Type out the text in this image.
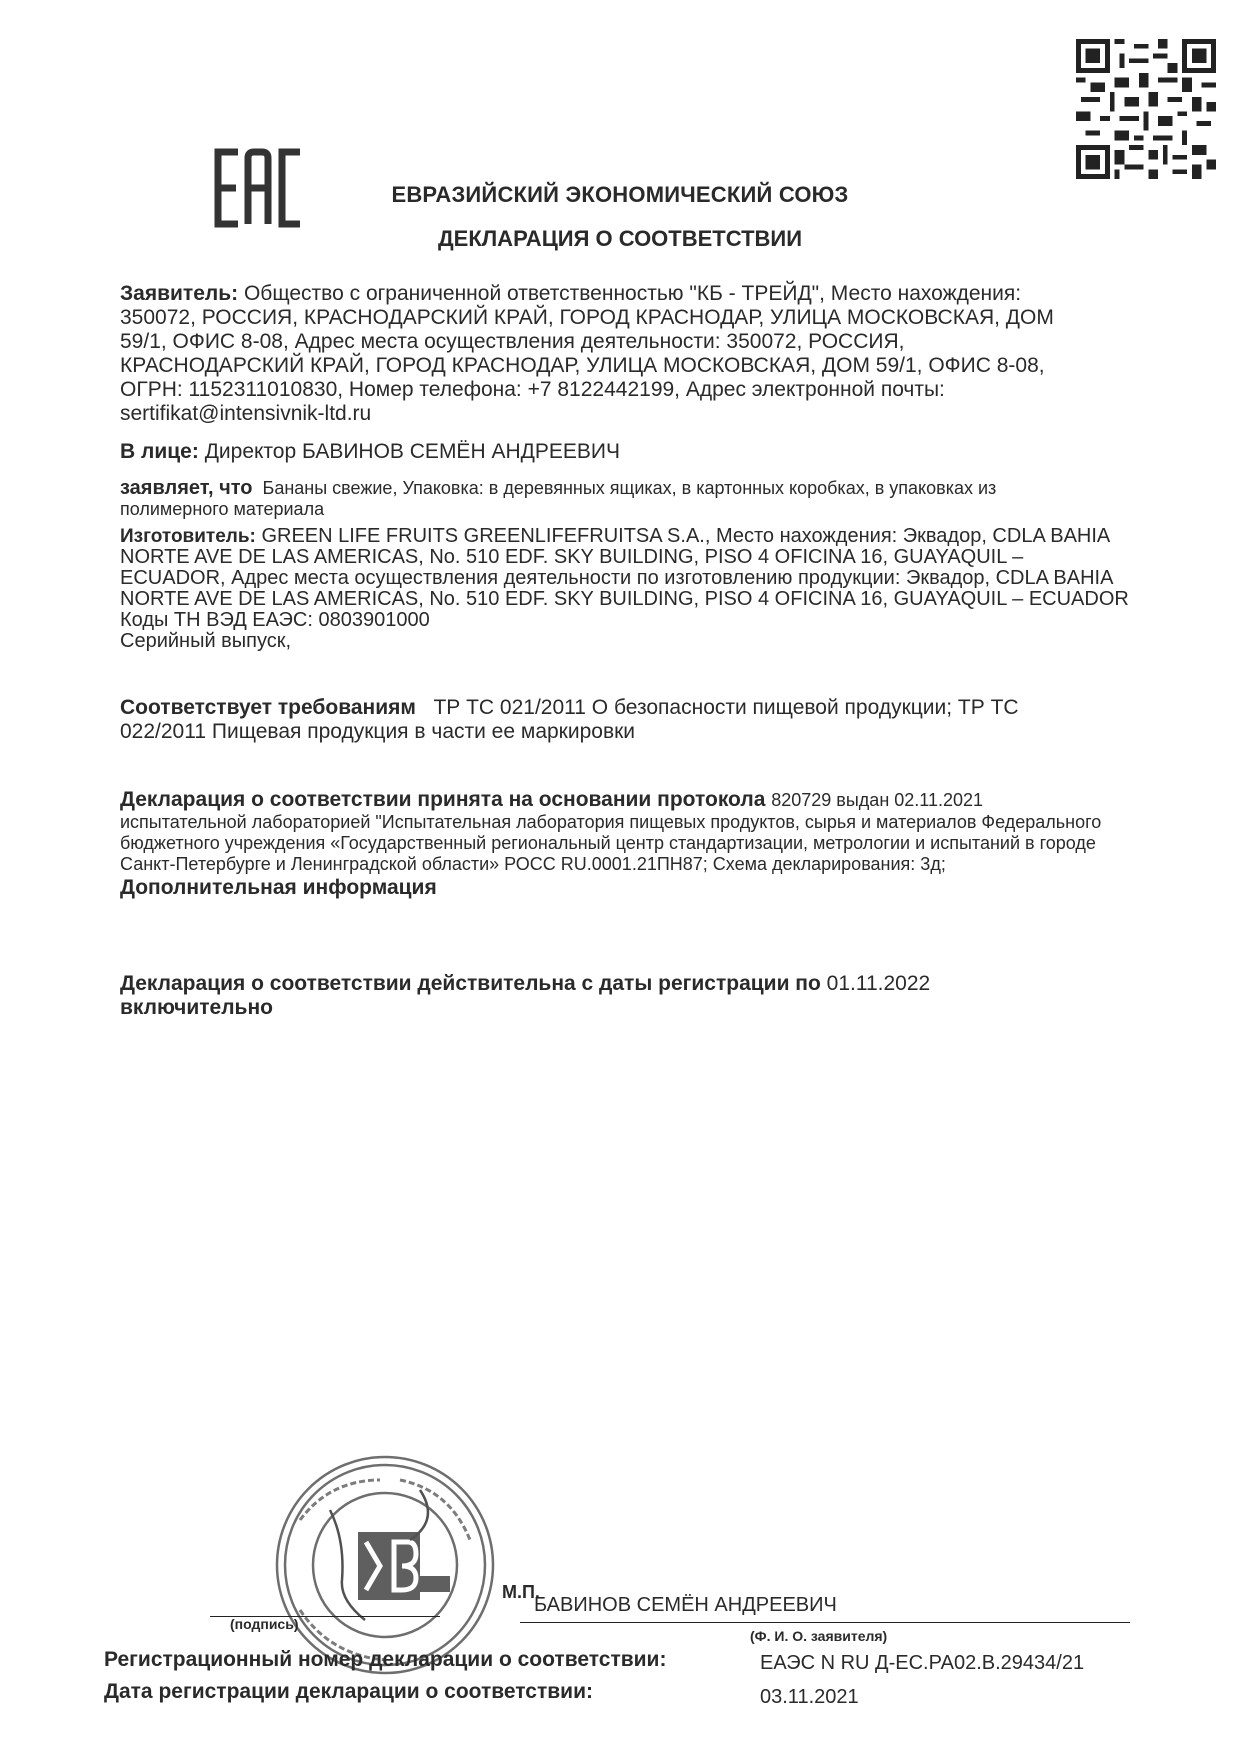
ЕВРАЗИЙСКИЙ ЭКОНОМИЧЕСКИЙ СОЮЗ
ДЕКЛАРАЦИЯ О СООТВЕТСТВИИ
Заявитель: Общество с ограниченной ответственностью "КБ - ТРЕЙД", Место нахождения:
350072, РОССИЯ, КРАСНОДАРСКИЙ КРАЙ, ГОРОД КРАСНОДАР, УЛИЦА МОСКОВСКАЯ, ДОМ
59/1, ОФИС 8-08, Адрес места осуществления деятельности: 350072, РОССИЯ,
КРАСНОДАРСКИЙ КРАЙ, ГОРОД КРАСНОДАР, УЛИЦА МОСКОВСКАЯ, ДОМ 59/1, ОФИС 8-08,
ОГРН: 1152311010830, Номер телефона: +7 8122442199, Адрес электронной почты:
sertifikat@intensivnik-ltd.ru
В лице: Директор БАВИНОВ СЕМЁН АНДРЕЕВИЧ
заявляет, что Бананы свежие, Упаковка: в деревянных ящиках, в картонных коробках, в упаковках из
полимерного материала
Изготовитель: GREEN LIFE FRUITS GREENLIFEFRUITSA S.A., Место нахождения: Эквадор, CDLA BAHIA
NORTE AVE DE LAS AMERICAS, No. 510 EDF. SKY BUILDING, PISO 4 OFICINA 16, GUAYAQUIL –
ECUADOR, Адрес места осуществления деятельности по изготовлению продукции: Эквадор, CDLA BAHIA
NORTE AVE DE LAS AMERICAS, No. 510 EDF. SKY BUILDING, PISO 4 OFICINA 16, GUAYAQUIL – ECUADOR
Коды ТН ВЭД ЕАЭС: 0803901000
Серийный выпуск,
Соответствует требованиям ТР ТС 021/2011 О безопасности пищевой продукции; ТР ТС
022/2011 Пищевая продукция в части ее маркировки
Декларация о соответствии принята на основании протокола 820729 выдан 02.11.2021
испытательной лабораторией "Испытательная лаборатория пищевых продуктов, сырья и материалов Федерального
бюджетного учреждения «Государственный региональный центр стандартизации, метрологии и испытаний в городе
Санкт-Петербурге и Ленинградской области» РОСС RU.0001.21ПН87; Схема декларирования: 3д;
Дополнительная информация
Декларация о соответствии действительна с даты регистрации по 01.11.2022
включительно
М.П.
БАВИНОВ СЕМЁН АНДРЕЕВИЧ
(подпись)
(Ф. И. О. заявителя)
Регистрационный номер декларации о соответствии:	ЕАЭС N RU Д-ЕС.РА02.В.29434/21
Дата регистрации декларации о соответствии:	03.11.2021
